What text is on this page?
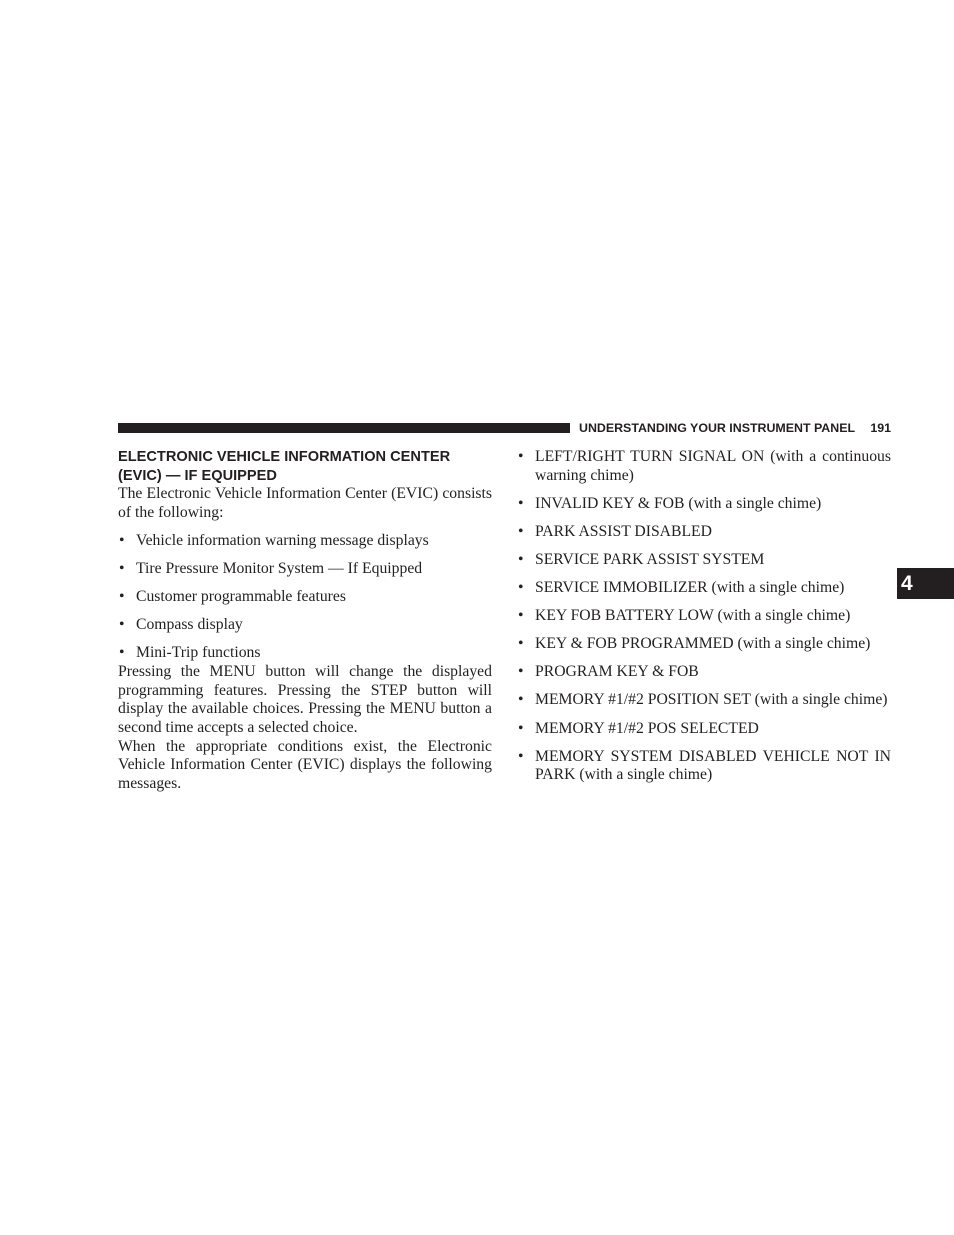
UNDERSTANDING YOUR INSTRUMENT PANEL 191
4
ELECTRONIC VEHICLE INFORMATION CENTER
(EVIC) — IF EQUIPPED

The Electronic Vehicle Information Center (EVIC) consists of the following:

• Vehicle information warning message displays
• Tire Pressure Monitor System — If Equipped
• Customer programmable features
• Compass display
• Mini-Trip functions

Pressing the MENU button will change the displayed programming features. Pressing the STEP button will display the available choices. Pressing the MENU button a second time accepts a selected choice.

When the appropriate conditions exist, the Electronic Vehicle Information Center (EVIC) displays the following messages.

• LEFT/RIGHT TURN SIGNAL ON (with a continuous warning chime)
• INVALID KEY & FOB (with a single chime)
• PARK ASSIST DISABLED
• SERVICE PARK ASSIST SYSTEM
• SERVICE IMMOBILIZER (with a single chime)
• KEY FOB BATTERY LOW (with a single chime)
• KEY & FOB PROGRAMMED (with a single chime)
• PROGRAM KEY & FOB
• MEMORY #1/#2 POSITION SET (with a single chime)
• MEMORY #1/#2 POS SELECTED
• MEMORY SYSTEM DISABLED VEHICLE NOT IN PARK (with a single chime)
